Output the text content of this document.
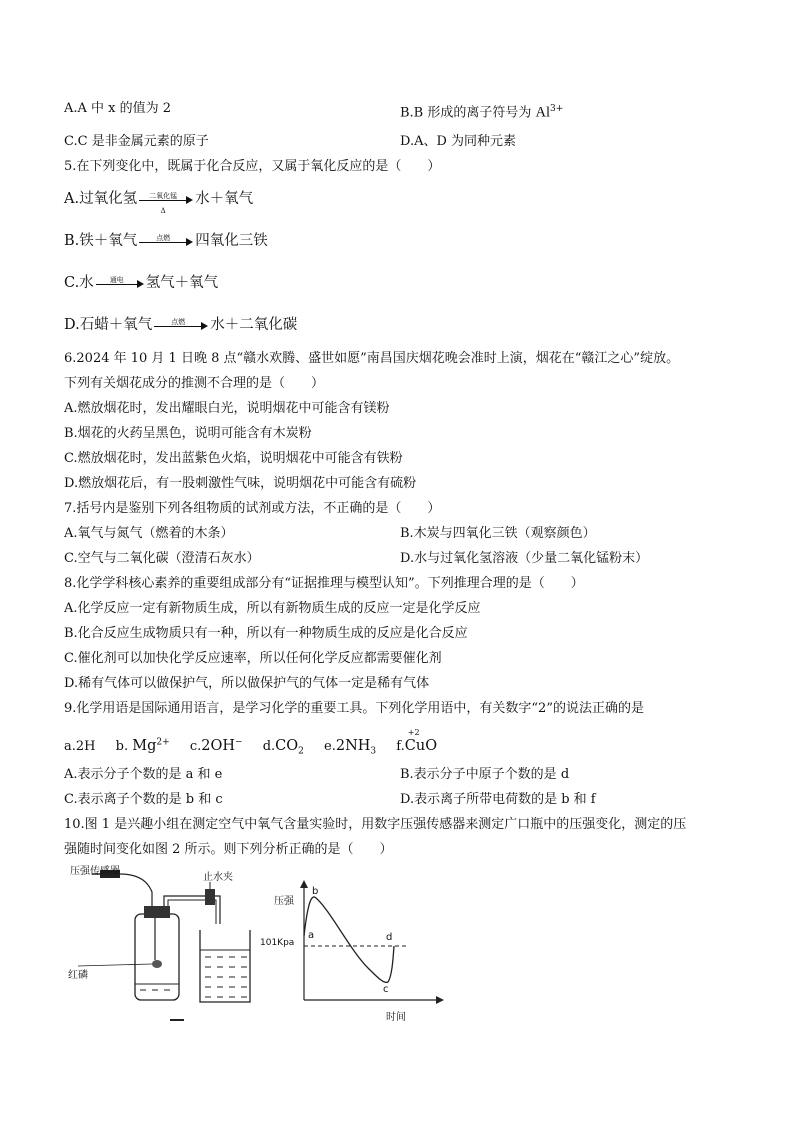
A.A 中 x 的值为 2	B.B 形成的离子符号为 $Al^{3+}$
C.C 是非金属元素的原子	D.A、D 为同种元素
5.在下列变化中，既属于化合反应，又属于氧化反应的是（　　）
A.过氧化氢	二氧化锰
Δ
水＋氧气
B.铁＋氧气	点燃	四氧化三铁
C.水	通电	氢气＋氧气
D.石蜡＋氧气	点燃	水＋二氧化碳
6.2024 年 10 月 1 日晚 8 点“赣水欢腾、盛世如愿”南昌国庆烟花晚会准时上演，烟花在“赣江之心”绽放。
下列有关烟花成分的推测不合理的是（　　）
A.燃放烟花时，发出耀眼白光，说明烟花中可能含有镁粉
B.烟花的火药呈黑色，说明可能含有木炭粉
C.燃放烟花时，发出蓝紫色火焰，说明烟花中可能含有铁粉
D.燃放烟花后，有一股刺激性气味，说明烟花中可能含有硫粉
7.括号内是鉴别下列各组物质的试剂或方法，不正确的是（　　）
A.氧气与氮气（燃着的木条）	B.木炭与四氧化三铁（观察颜色）
C.空气与二氧化碳（澄清石灰水）	D.水与过氧化氢溶液（少量二氧化锰粉末）
8.化学学科核心素养的重要组成部分有“证据推理与模型认知”。下列推理合理的是（　　）
A.化学反应一定有新物质生成，所以有新物质生成的反应一定是化学反应
B.化合反应生成物质只有一种，所以有一种物质生成的反应是化合反应
C.催化剂可以加快化学反应速率，所以任何化学反应都需要催化剂
D.稀有气体可以做保护气，所以做保护气的气体一定是稀有气体
9.化学用语是国际通用语言，是学习化学的重要工具。下列化学用语中，有关数字“2”的说法正确的是
a.2H b. $Mg^{2+}$ c.2OH− $d.CO_2$ $e.2NH_3$ f.
+2
CuO
A.表示分子个数的是 a 和 e	B.表示分子中原子个数的是 d
C.表示离子个数的是 b 和 c	D.表示离子所带电荷数的是 b 和 f
10.图 1 是兴趣小组在测定空气中氧气含量实验时，用数字压强传感器来测定广口瓶中的压强变化，测定的压
强随时间变化如图 2 所示。则下列分析正确的是（　　）
压强传感器
止水夹
红磷
压强
101Kpa
a
b
c
d
时间
